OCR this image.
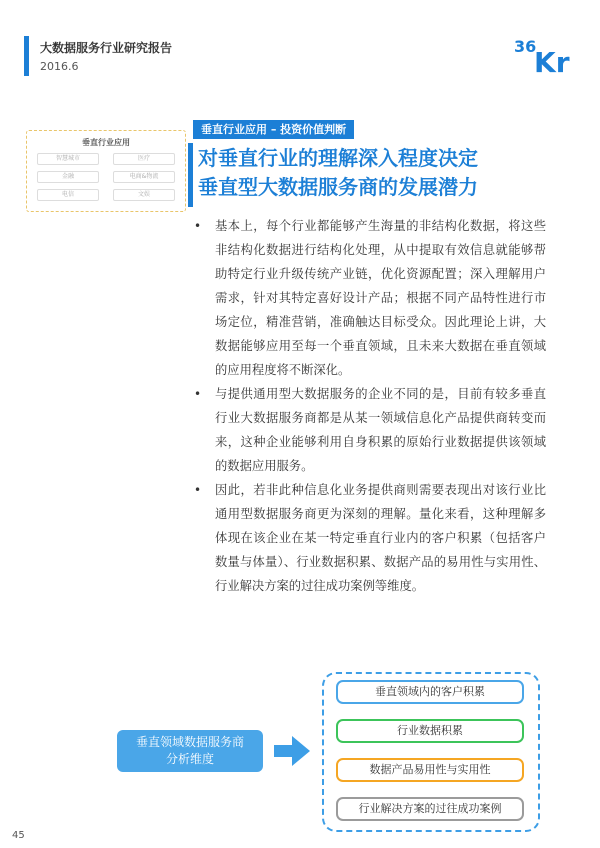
大数据服务行业研究报告
2016.6
36
Kr
垂直行业应用
智慧城市	医疗
金融	电商&物流
电信	文娱
垂直行业应用 – 投资价值判断
对垂直行业的理解深入程度决定
垂直型大数据服务商的发展潜力
• 基本上，每个行业都能够产生海量的非结构化数据，将这些非结构化数据进行结构化处理，从中提取有效信息就能够帮助特定行业升级传统产业链，优化资源配置；深入理解用户需求，针对其特定喜好设计产品；根据不同产品特性进行市场定位，精准营销，准确触达目标受众。因此理论上讲，大数据能够应用至每一个垂直领域，且未来大数据在垂直领域的应用程度将不断深化。
• 与提供通用型大数据服务的企业不同的是，目前有较多垂直行业大数据服务商都是从某一领域信息化产品提供商转变而来，这种企业能够利用自身积累的原始行业数据提供该领域的数据应用服务。
• 因此，若非此种信息化业务提供商则需要表现出对该行业比通用型数据服务商更为深刻的理解。量化来看，这种理解多体现在该企业在某一特定垂直行业内的客户积累（包括客户数量与体量）、行业数据积累、数据产品的易用性与实用性、行业解决方案的过往成功案例等维度。
垂直领域数据服务商
分析维度
垂直领域内的客户积累
行业数据积累
数据产品易用性与实用性
行业解决方案的过往成功案例
45
